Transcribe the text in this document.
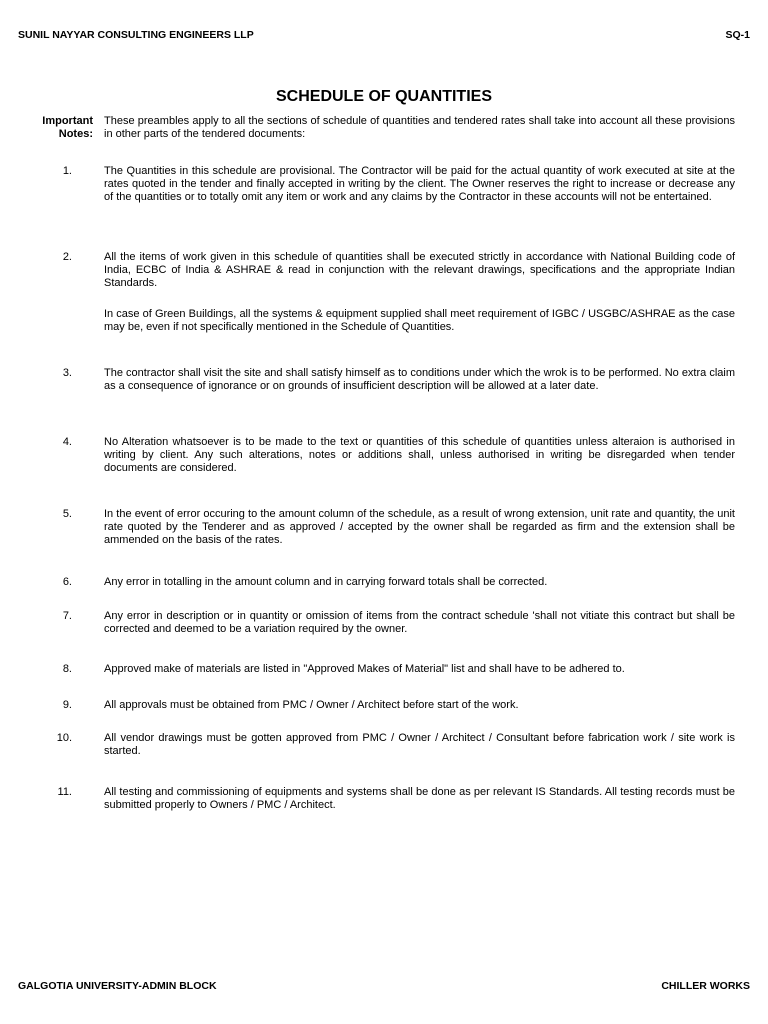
SUNIL NAYYAR CONSULTING ENGINEERS LLP	SQ-1
SCHEDULE OF QUANTITIES
Important Notes:
These preambles apply to all the sections of schedule of quantities and tendered rates shall take into account all these provisions in other parts of the tendered documents:
1.	The Quantities in this schedule are provisional. The Contractor will be paid for the actual quantity of work executed at site at the rates quoted in the tender and finally accepted in writing by the client. The Owner reserves the right to increase or decrease any of the quantities or to totally omit any item or work and any claims by the Contractor in these accounts will not be entertained.
2.	All the items of work given in this schedule of quantities shall be executed strictly in accordance with National Building code of India, ECBC of India & ASHRAE & read in conjunction with the relevant drawings, specifications and the appropriate Indian Standards.
In case of Green Buildings, all the systems & equipment supplied shall meet requirement of IGBC / USGBC/ASHRAE as the case may be, even if not specifically mentioned in the Schedule of Quantities.
3.	The contractor shall visit the site and shall satisfy himself as to conditions under which the wrok is to be performed. No extra claim as a consequence of ignorance or on grounds of insufficient description will be allowed at a later date.
4.	No Alteration whatsoever is to be made to the text or quantities of this schedule of quantities unless alteraion is authorised in writing by client. Any such alterations, notes or additions shall, unless authorised in writing be disregarded when tender documents are considered.
5.	In the event of error occuring to the amount column of the schedule, as a result of wrong extension, unit rate and quantity, the unit rate quoted by the Tenderer and as approved / accepted by the owner shall be regarded as firm and the extension shall be ammended on the basis of the rates.
6.	Any error in totalling in the amount column and in carrying forward totals shall be corrected.
7.	Any error in description or in quantity or omission of items from the contract schedule 'shall not vitiate this contract but shall be corrected and deemed to be a variation required by the owner.
8.	Approved make of materials are listed in "Approved Makes of Material" list and shall have to be adhered to.
9.	All approvals must be obtained from PMC / Owner / Architect before start of the work.
10.	All vendor drawings must be gotten approved from PMC / Owner / Architect / Consultant before fabrication work / site work is started.
11.	All testing and commissioning of equipments and systems shall be done as per relevant IS Standards. All testing records must be submitted properly to Owners / PMC / Architect.
GALGOTIA UNIVERSITY-ADMIN BLOCK	CHILLER WORKS
